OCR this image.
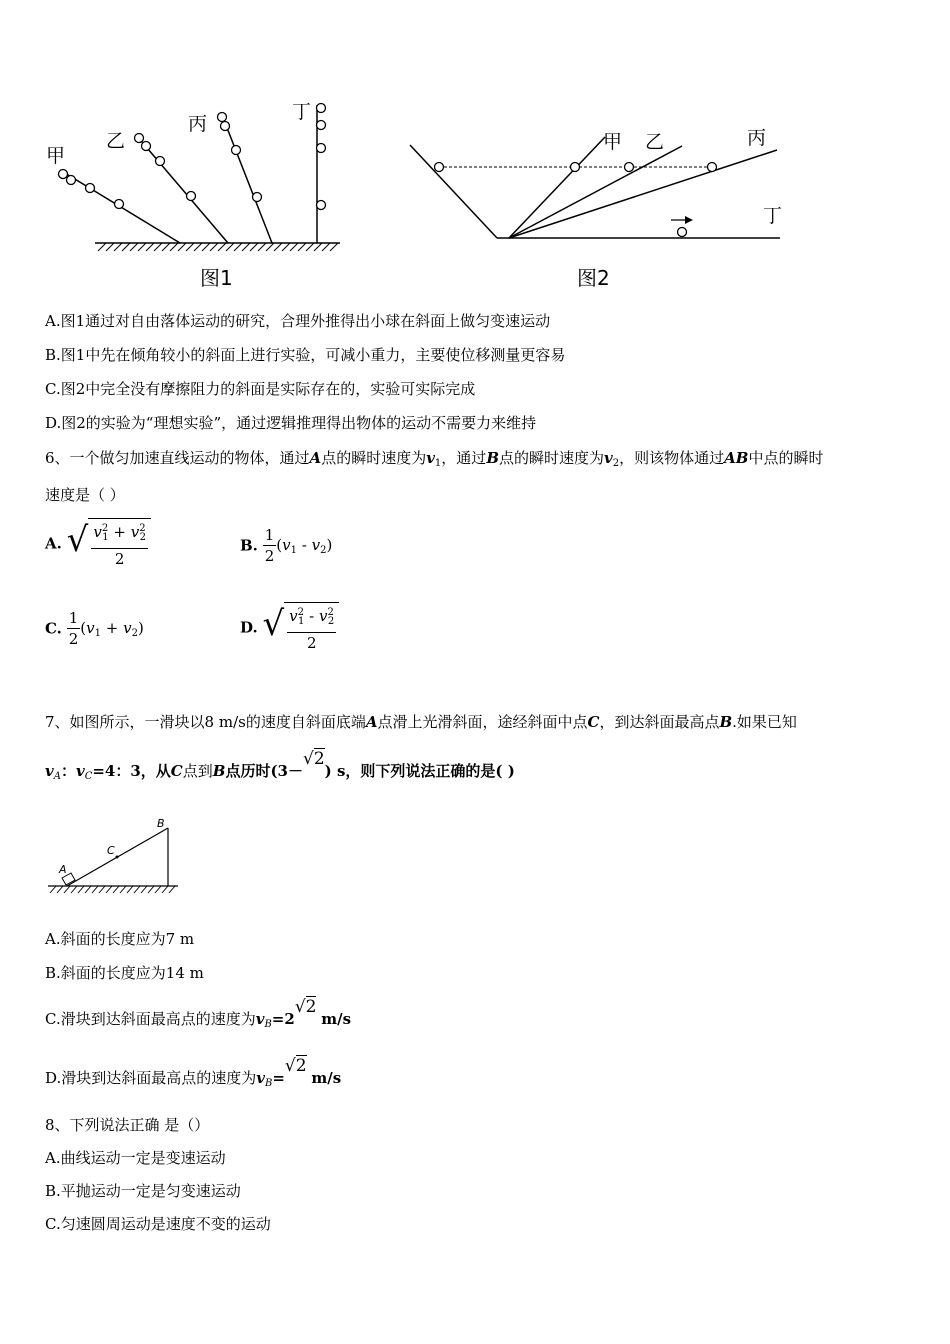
甲
乙
丙
丁
图1
甲 乙	丙
丁
图2
A.图1通过对自由落体运动的研究，合理外推得出小球在斜面上做匀变速运动
B.图1中先在倾角较小的斜面上进行实验，可减小重力，主要使位移测量更容易
C.图2中完全没有摩擦阻力的斜面是实际存在的，实验可实际完成
D.图2的实验为“理想实验”，通过逻辑推理得出物体的运动不需要力来维持
6、一个做匀加速直线运动的物体，通过A点的瞬时速度为$v_1$，通过B点的瞬时速度为$v_2$，则该物体通过AB中点的瞬时
速度是（ ）
A. √ $\frac{v^2_1 + v^2_2}{2}$	B. $\frac{1}{2} (v_1 - v_2)$
C. $\frac{1}{2} (v_1 + v_2)$	D. √ $\frac{v^2_1 - v^2_2}{2}$
7、如图所示，一滑块以8 m/s的速度自斜面底端A点滑上光滑斜面，途经斜面中点C，到达斜面最高点B.如果已知
$v_A$：$v_C=4$：3，从C点到B点历时(3－√2) s，则下列说法正确的是( )
A
C
B
A.斜面的长度应为7 m
B.斜面的长度应为14 m
C.滑块到达斜面最高点的速度为$v_B=2√2$ m/s
D.滑块到达斜面最高点的速度为$v_B=√2$ m/s
8、下列说法正确 是（）
A.曲线运动一定是变速运动
B.平抛运动一定是匀变速运动
C.匀速圆周运动是速度不变的运动
